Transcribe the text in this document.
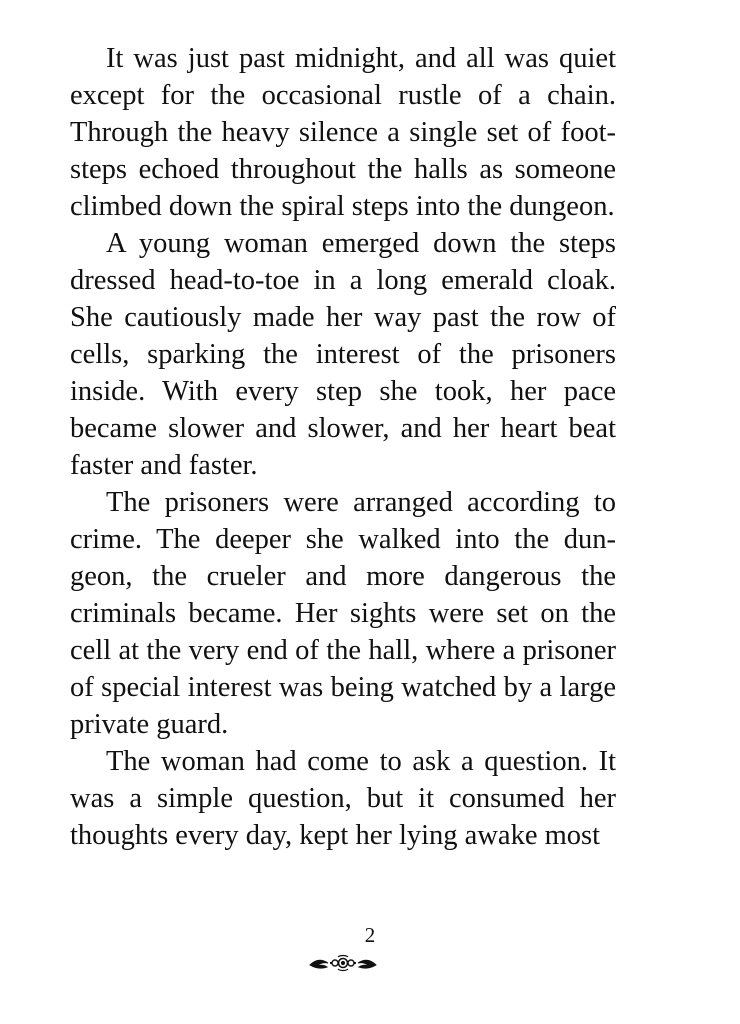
It was just past midnight, and all was quiet except for the occasional rustle of a chain. Through the heavy silence a single set of footsteps echoed throughout the halls as someone climbed down the spiral steps into the dungeon.

A young woman emerged down the steps dressed head-to-toe in a long emerald cloak. She cautiously made her way past the row of cells, sparking the interest of the prisoners inside. With every step she took, her pace became slower and slower, and her heart beat faster and faster.

The prisoners were arranged according to crime. The deeper she walked into the dungeon, the crueler and more dangerous the criminals became. Her sights were set on the cell at the very end of the hall, where a prisoner of special interest was being watched by a large private guard.

The woman had come to ask a question. It was a simple question, but it consumed her thoughts every day, kept her lying awake most

2
